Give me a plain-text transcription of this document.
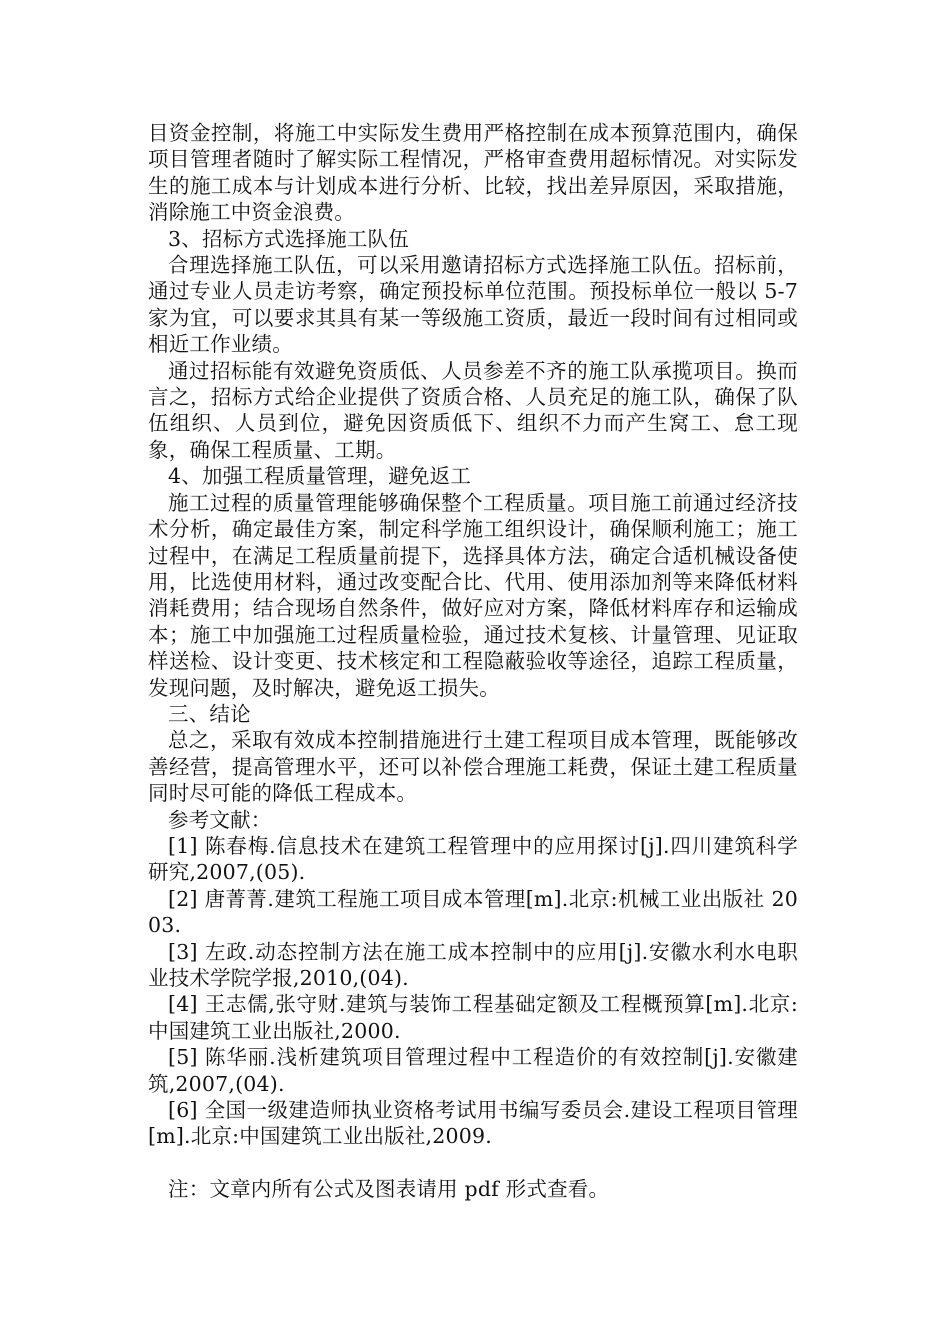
目资金控制，将施工中实际发生费用严格控制在成本预算范围内，确保项目管理者随时了解实际工程情况，严格审查费用超标情况。对实际发生的施工成本与计划成本进行分析、比较，找出差异原因，采取措施，消除施工中资金浪费。

3、招标方式选择施工队伍

合理选择施工队伍，可以采用邀请招标方式选择施工队伍。招标前，通过专业人员走访考察，确定预投标单位范围。预投标单位一般以 5-7 家为宜，可以要求其具有某一等级施工资质，最近一段时间有过相同或相近工作业绩。

通过招标能有效避免资质低、人员参差不齐的施工队承揽项目。换而言之，招标方式给企业提供了资质合格、人员充足的施工队，确保了队伍组织、人员到位，避免因资质低下、组织不力而产生窝工、怠工现象，确保工程质量、工期。

4、加强工程质量管理，避免返工

施工过程的质量管理能够确保整个工程质量。项目施工前通过经济技术分析，确定最佳方案，制定科学施工组织设计，确保顺利施工；施工过程中，在满足工程质量前提下，选择具体方法，确定合适机械设备使用，比选使用材料，通过改变配合比、代用、使用添加剂等来降低材料消耗费用；结合现场自然条件，做好应对方案，降低材料库存和运输成本；施工中加强施工过程质量检验，通过技术复核、计量管理、见证取样送检、设计变更、技术核定和工程隐蔽验收等途径，追踪工程质量，发现问题，及时解决，避免返工损失。

三、结论

总之，采取有效成本控制措施进行土建工程项目成本管理，既能够改善经营，提高管理水平，还可以补偿合理施工耗费，保证土建工程质量同时尽可能的降低工程成本。

参考文献：

[1] 陈春梅.信息技术在建筑工程管理中的应用探讨[j].四川建筑科学研究,2007,(05).

[2] 唐菁菁.建筑工程施工项目成本管理[m].北京:机械工业出版社 2003.

[3] 左政.动态控制方法在施工成本控制中的应用[j].安徽水利水电职业技术学院学报,2010,(04).

[4] 王志儒,张守财.建筑与装饰工程基础定额及工程概预算[m].北京:中国建筑工业出版社,2000.

[5] 陈华丽.浅析建筑项目管理过程中工程造价的有效控制[j].安徽建筑,2007,(04).

[6] 全国一级建造师执业资格考试用书编写委员会.建设工程项目管理[m].北京:中国建筑工业出版社,2009.

注：文章内所有公式及图表请用 pdf 形式查看。
